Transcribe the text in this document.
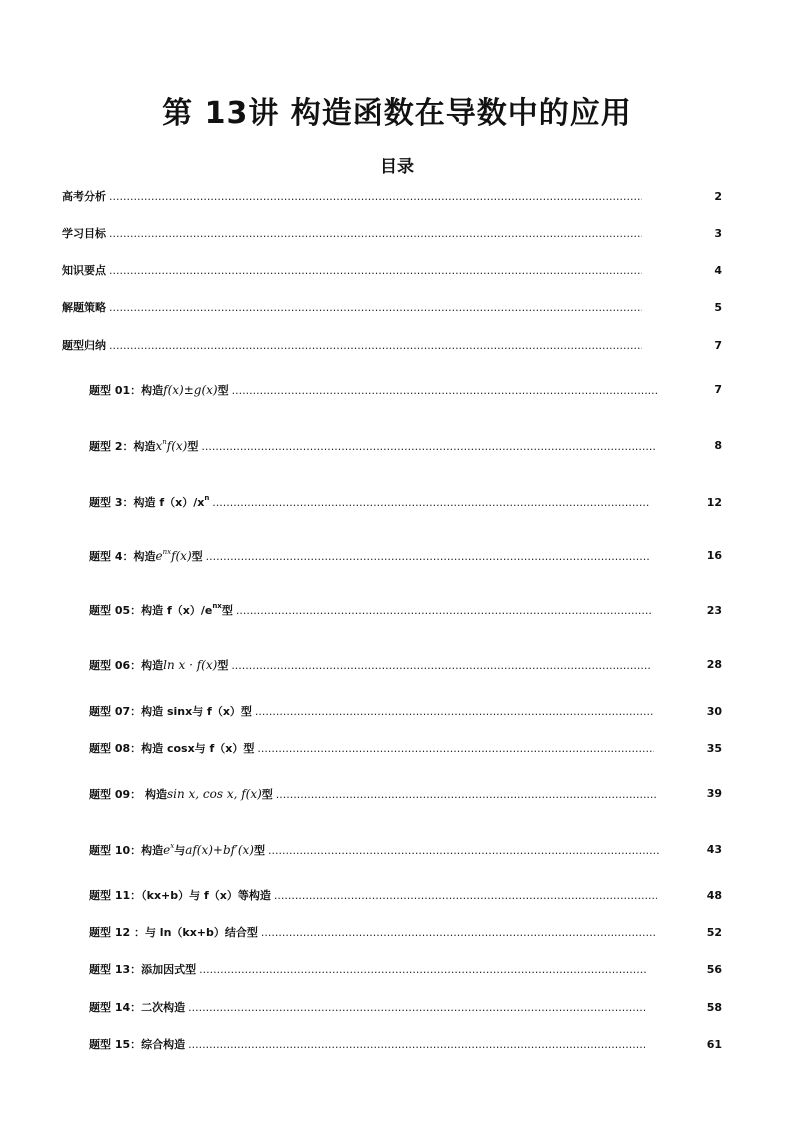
第 13讲 构造函数在导数中的应用
目录
高考分析 .....	2
学习目标 .....	3
知识要点 .....	4
解题策略 .....	5
题型归纳 .....	7
题型 01：构造f(x)±g(x)型 .....	7
题型 2：构造$x^nf(x)$型 .....	8
题型 3：构造 $f(x)/x^n$ .....	12
题型 4：构造$e^{nx}f(x)$型 .....	16
题型 05：构造 $f(x)/e^{nx}$型 .....	23
题型 06：构造ln x · f(x)型 .....	28
题型 07：构造 sinx与 f（x）型 .....	30
题型 08：构造 cosx与 f（x）型 .....	35
题型 09： 构造sin x, cos x, f(x)型 .....	39
题型 10：构造$e^x$与af(x)+bf′(x)型 .....	43
题型 11：（kx+b）与 f（x）等构造 .....	48
题型 12 ：与 ln（kx+b）结合型 .....	52
题型 13：添加因式型 .....	56
题型 14：二次构造 .....	58
题型 15：综合构造 .....	61
